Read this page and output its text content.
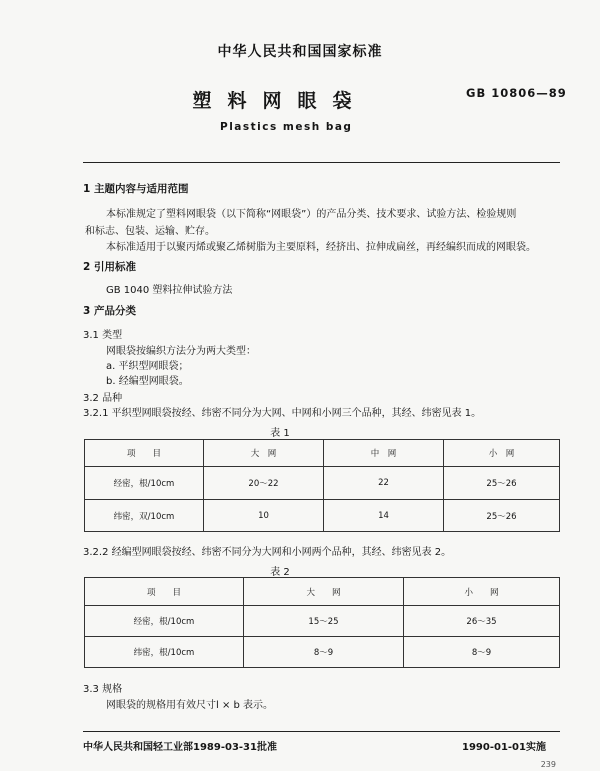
中华人民共和国国家标准
塑料网眼袋	GB 10806—89
Plastics mesh bag
1 主题内容与适用范围
本标准规定了塑料网眼袋（以下简称“网眼袋”）的产品分类、技术要求、试验方法、检验规则
和标志、包装、运输、贮存。
本标准适用于以聚丙烯或聚乙烯树脂为主要原料，经挤出、拉伸成扁丝，再经编织而成的网眼袋。
2 引用标准
GB 1040 塑料拉伸试验方法
3 产品分类
3.1 类型
网眼袋按编织方法分为两大类型：
a. 平织型网眼袋；
b. 经编型网眼袋。
3.2 品种
3.2.1 平织型网眼袋按经、纬密不同分为大网、中网和小网三个品种，其经、纬密见表 1。
表 1
项　　目	大　网	中　网	小　网
经密，根/10cm	20～22	22	25～26
纬密，双/10cm	10	14	25～26
3.2.2 经编型网眼袋按经、纬密不同分为大网和小网两个品种，其经、纬密见表 2。
表 2
项　　目	大　　网	小　　网
经密，根/10cm	15～25	26～35
纬密，根/10cm	8～9	8～9
3.3 规格
网眼袋的规格用有效尺寸l × b 表示。
中华人民共和国轻工业部1989-03-31批准	1990-01-01实施
239
